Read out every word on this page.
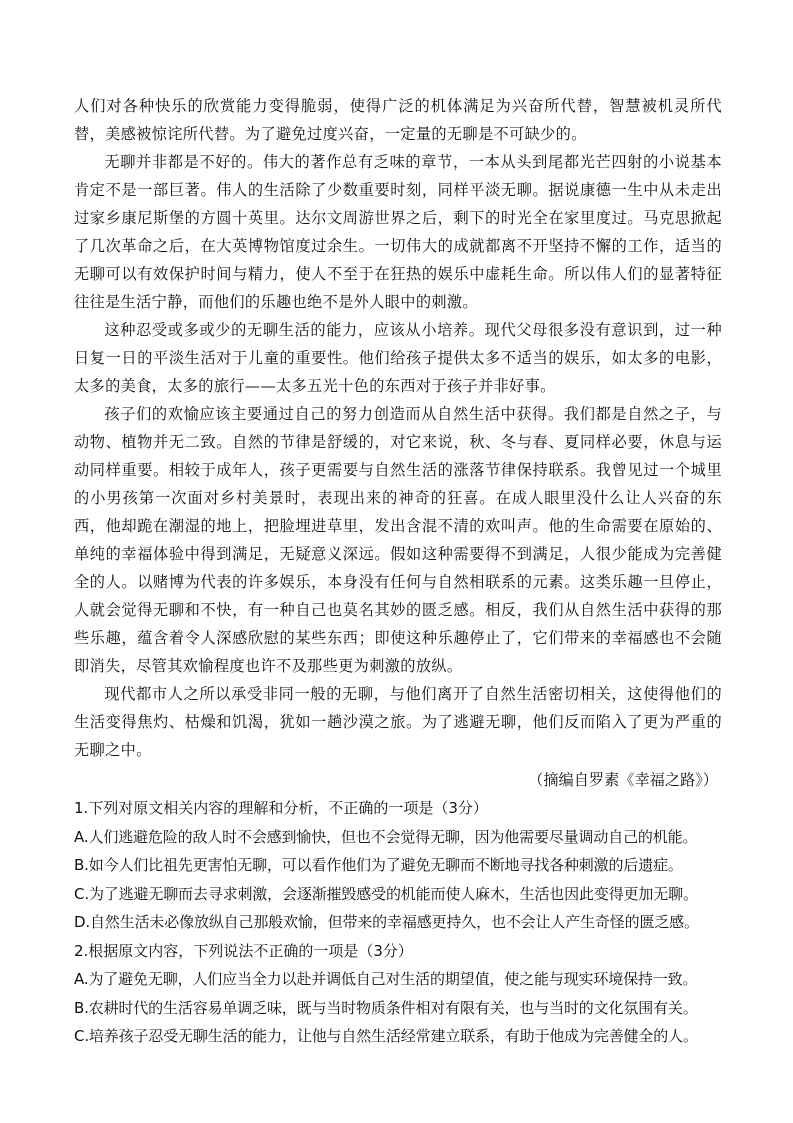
人们对各种快乐的欣赏能力变得脆弱，使得广泛的机体满足为兴奋所代替，智慧被机灵所代替，美感被惊诧所代替。为了避免过度兴奋，一定量的无聊是不可缺少的。

无聊并非都是不好的。伟大的著作总有乏味的章节，一本从头到尾都光芒四射的小说基本肯定不是一部巨著。伟人的生活除了少数重要时刻，同样平淡无聊。据说康德一生中从未走出过家乡康尼斯堡的方圆十英里。达尔文周游世界之后，剩下的时光全在家里度过。马克思掀起了几次革命之后，在大英博物馆度过余生。一切伟大的成就都离不开坚持不懈的工作，适当的无聊可以有效保护时间与精力，使人不至于在狂热的娱乐中虚耗生命。所以伟人们的显著特征往往是生活宁静，而他们的乐趣也绝不是外人眼中的刺激。

这种忍受或多或少的无聊生活的能力，应该从小培养。现代父母很多没有意识到，过一种日复一日的平淡生活对于儿童的重要性。他们给孩子提供太多不适当的娱乐，如太多的电影，太多的美食，太多的旅行——太多五光十色的东西对于孩子并非好事。

孩子们的欢愉应该主要通过自己的努力创造而从自然生活中获得。我们都是自然之子，与动物、植物并无二致。自然的节律是舒缓的，对它来说，秋、冬与春、夏同样必要，休息与运动同样重要。相较于成年人，孩子更需要与自然生活的涨落节律保持联系。我曾见过一个城里的小男孩第一次面对乡村美景时，表现出来的神奇的狂喜。在成人眼里没什么让人兴奋的东西，他却跪在潮湿的地上，把脸埋进草里，发出含混不清的欢叫声。他的生命需要在原始的、单纯的幸福体验中得到满足，无疑意义深远。假如这种需要得不到满足，人很少能成为完善健全的人。以赌博为代表的许多娱乐，本身没有任何与自然相联系的元素。这类乐趣一旦停止，人就会觉得无聊和不快，有一种自己也莫名其妙的匮乏感。相反，我们从自然生活中获得的那些乐趣，蕴含着令人深感欣慰的某些东西；即使这种乐趣停止了，它们带来的幸福感也不会随即消失，尽管其欢愉程度也许不及那些更为刺激的放纵。

现代都市人之所以承受非同一般的无聊，与他们离开了自然生活密切相关，这使得他们的生活变得焦灼、枯燥和饥渴，犹如一趟沙漠之旅。为了逃避无聊，他们反而陷入了更为严重的无聊之中。

（摘编自罗素《幸福之路》）

1.下列对原文相关内容的理解和分析，不正确的一项是（3分）

A.人们逃避危险的敌人时不会感到愉快，但也不会觉得无聊，因为他需要尽量调动自己的机能。

B.如今人们比祖先更害怕无聊，可以看作他们为了避免无聊而不断地寻找各种刺激的后遗症。

C.为了逃避无聊而去寻求刺激，会逐渐摧毁感受的机能而使人麻木，生活也因此变得更加无聊。

D.自然生活未必像放纵自己那般欢愉，但带来的幸福感更持久，也不会让人产生奇怪的匮乏感。

2.根据原文内容，下列说法不正确的一项是（3分）

A.为了避免无聊，人们应当全力以赴并调低自己对生活的期望值，使之能与现实环境保持一致。

B.农耕时代的生活容易单调乏味，既与当时物质条件相对有限有关，也与当时的文化氛围有关。

C.培养孩子忍受无聊生活的能力，让他与自然生活经常建立联系，有助于他成为完善健全的人。
